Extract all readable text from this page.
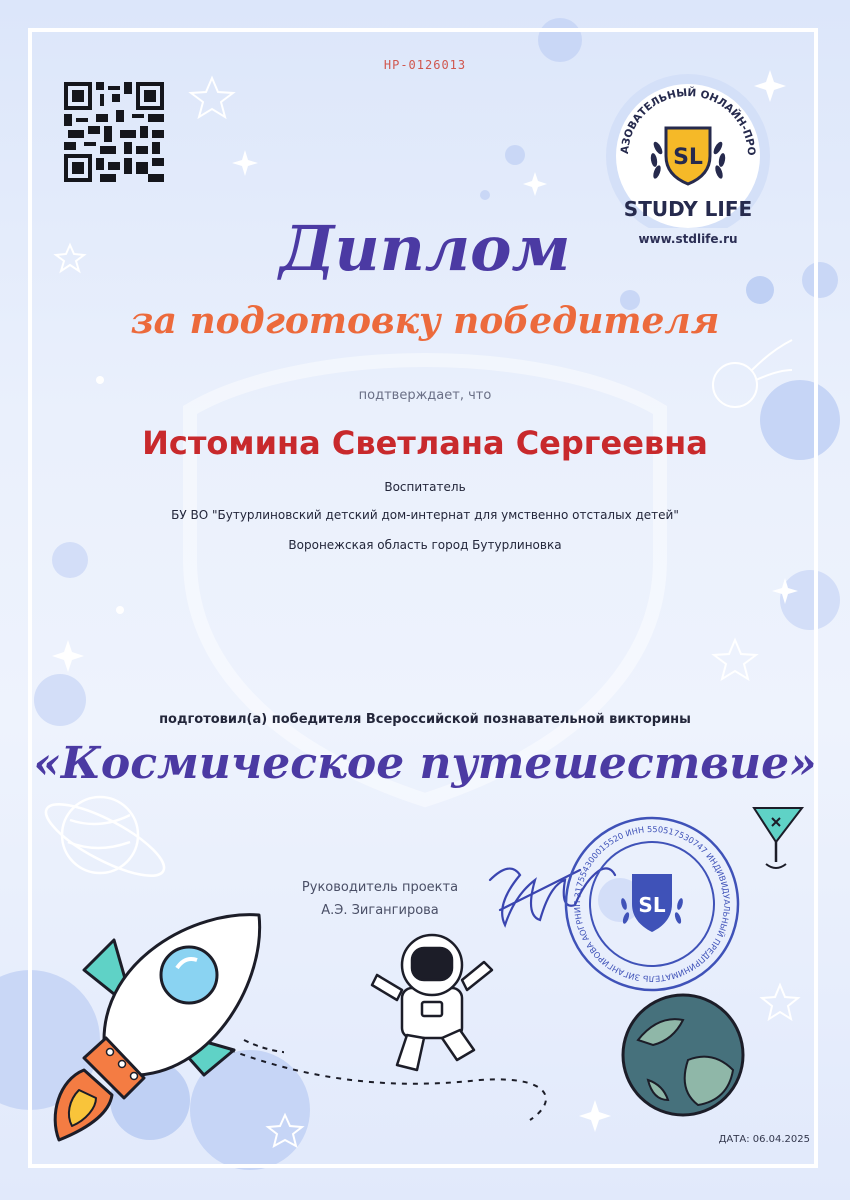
НР-0126013
АЗОВАТЕЛЬНЫЙ ОНЛАЙН-ПРО
SL
STUDY LIFE
www.stdlife.ru
Диплом
за подготовку победителя
подтверждает, что
Истомина Светлана Сергеевна
Воспитатель
БУ ВО "Бутурлиновский детский дом-интернат для умственно отсталых детей"
Воронежская область город Бутурлиновка
подготовил(а) победителя Всероссийской познавательной викторины
«Космическое путешествие»
Руководитель проекта
А.Э. Зигангирова
ОГРНИП 317554300015520 ИНН 550517530747 ИНДИВИДУАЛЬНЫЙ ПРЕДПРИНИМАТЕЛЬ ЗИГАНГИРОВА АНАСТАСИЯ
SL
ДАТА: 06.04.2025
